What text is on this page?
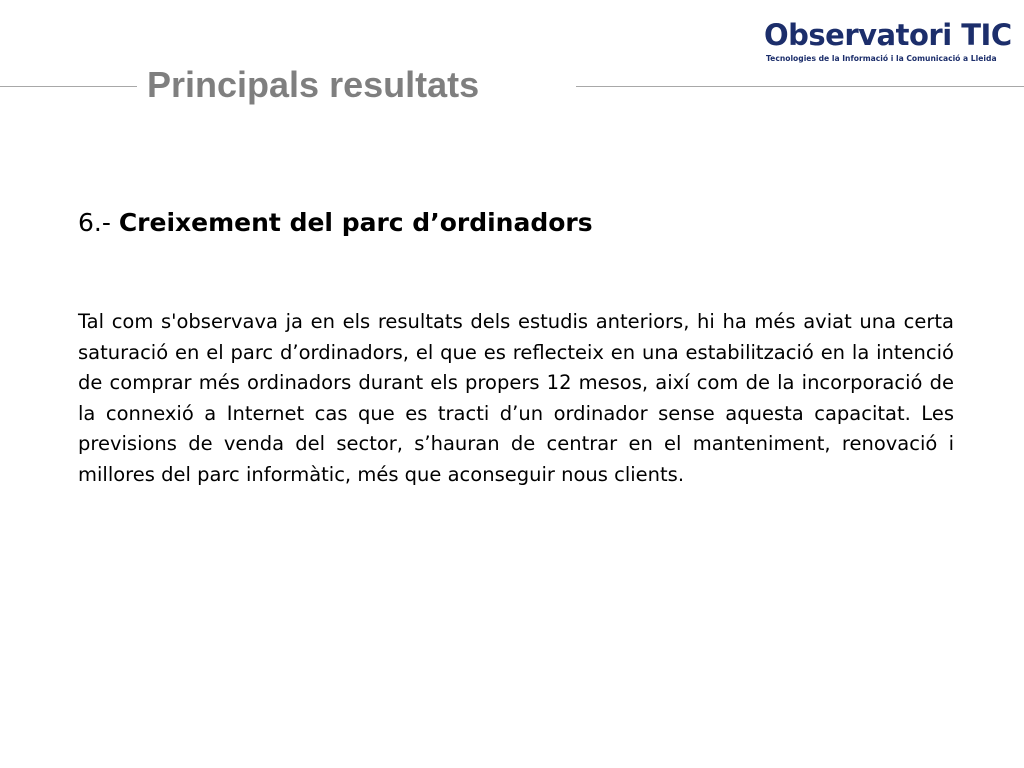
Observatori TIC
Tecnologies de la Informació i la Comunicació a Lleida
Principals resultats
6.- Creixement del parc d’ordinadors

Tal com s'observava ja en els resultats dels estudis anteriors, hi ha més aviat una certa saturació en el parc d’ordinadors, el que es reflecteix en una estabilització en la intenció de comprar més ordinadors durant els propers 12 mesos, així com de la incorporació de la connexió a Internet cas que es tracti d’un ordinador sense aquesta capacitat. Les previsions de venda del sector, s’hauran de centrar en el manteniment, renovació i millores del parc informàtic, més que aconseguir nous clients.
